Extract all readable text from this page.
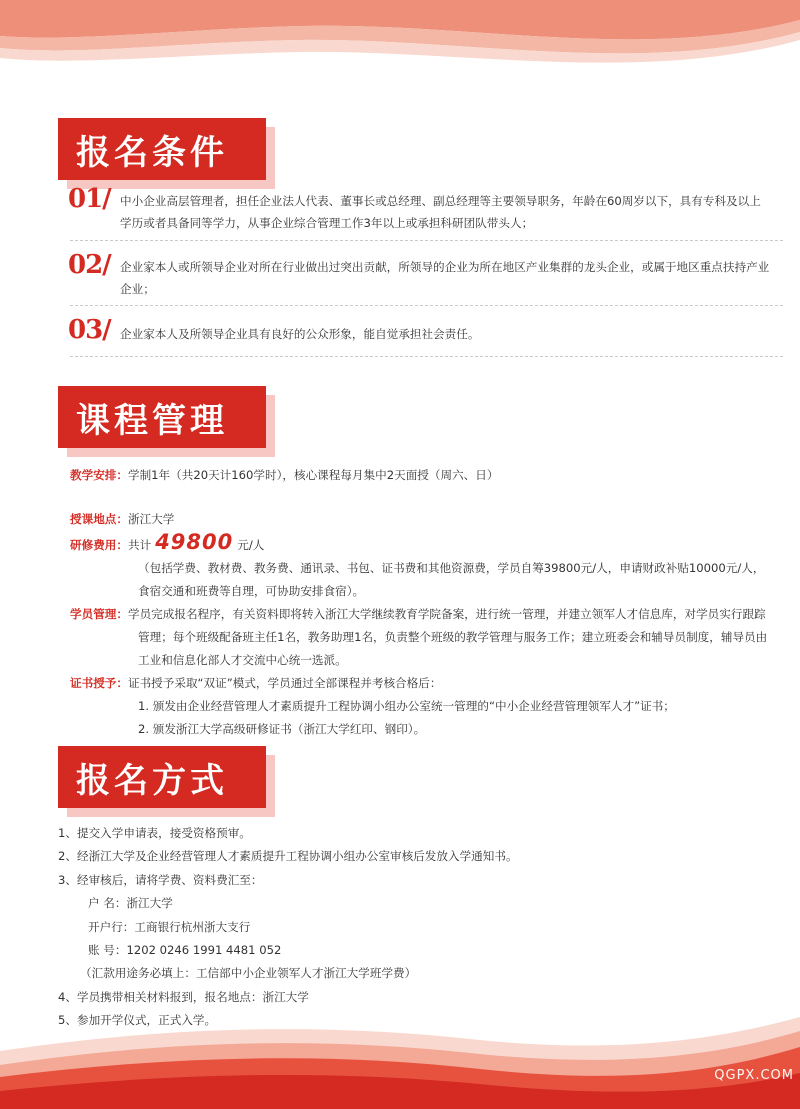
报名条件
01/ 中小企业高层管理者，担任企业法人代表、董事长或总经理、副总经理等主要领导职务，年龄在60周岁以下，具有专科及以上学历或者具备同等学力，从事企业综合管理工作3年以上或承担科研团队带头人；
02/ 企业家本人或所领导企业对所在行业做出过突出贡献，所领导的企业为所在地区产业集群的龙头企业，或属于地区重点扶持产业企业；
03/ 企业家本人及所领导企业具有良好的公众形象，能自觉承担社会责任。
课程管理
教学安排：学制1年（共20天计160学时），核心课程每月集中2天面授（周六、日）
授课地点：浙江大学
研修费用：共计 49800 元/人
（包括学费、教材费、教务费、通讯录、书包、证书费和其他资源费，学员自筹39800元/人，申请财政补贴10000元/人，食宿交通和班费等自理，可协助安排食宿）。
学员管理：学员完成报名程序，有关资料即将转入浙江大学继续教育学院备案，进行统一管理，并建立领军人才信息库，对学员实行跟踪管理；每个班级配备班主任1名，教务助理1名，负责整个班级的教学管理与服务工作；建立班委会和辅导员制度，辅导员由工业和信息化部人才交流中心统一选派。
证书授予：证书授予采取“双证”模式，学员通过全部课程并考核合格后：
1. 颁发由企业经营管理人才素质提升工程协调小组办公室统一管理的“中小企业经营管理领军人才”证书；
2. 颁发浙江大学高级研修证书（浙江大学红印、钢印）。
报名方式
1、提交入学申请表，接受资格预审。
2、经浙江大学及企业经营管理人才素质提升工程协调小组办公室审核后发放入学通知书。
3、经审核后，请将学费、资料费汇至：
户 名：浙江大学
开户行：工商银行杭州浙大支行
账 号：1202 0246 1991 4481 052
（汇款用途务必填上：工信部中小企业领军人才浙江大学班学费）
4、学员携带相关材料报到，报名地点：浙江大学
5、参加开学仪式，正式入学。
QGPX.COM
